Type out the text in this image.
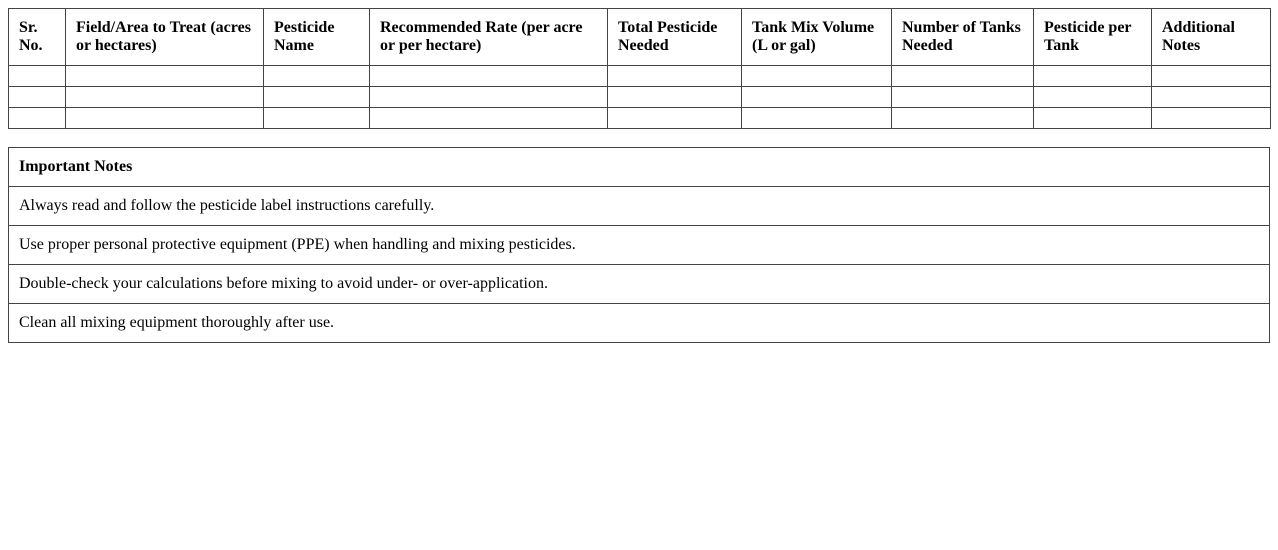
Sr. No.	Field/Area to Treat (acres or hectares)	Pesticide Name	Recommended Rate (per acre or per hectare)	Total Pesticide Needed	Tank Mix Volume (L or gal)	Number of Tanks Needed	Pesticide per Tank	Additional Notes

Important Notes
Always read and follow the pesticide label instructions carefully.
Use proper personal protective equipment (PPE) when handling and mixing pesticides.
Double-check your calculations before mixing to avoid under- or over-application.
Clean all mixing equipment thoroughly after use.
